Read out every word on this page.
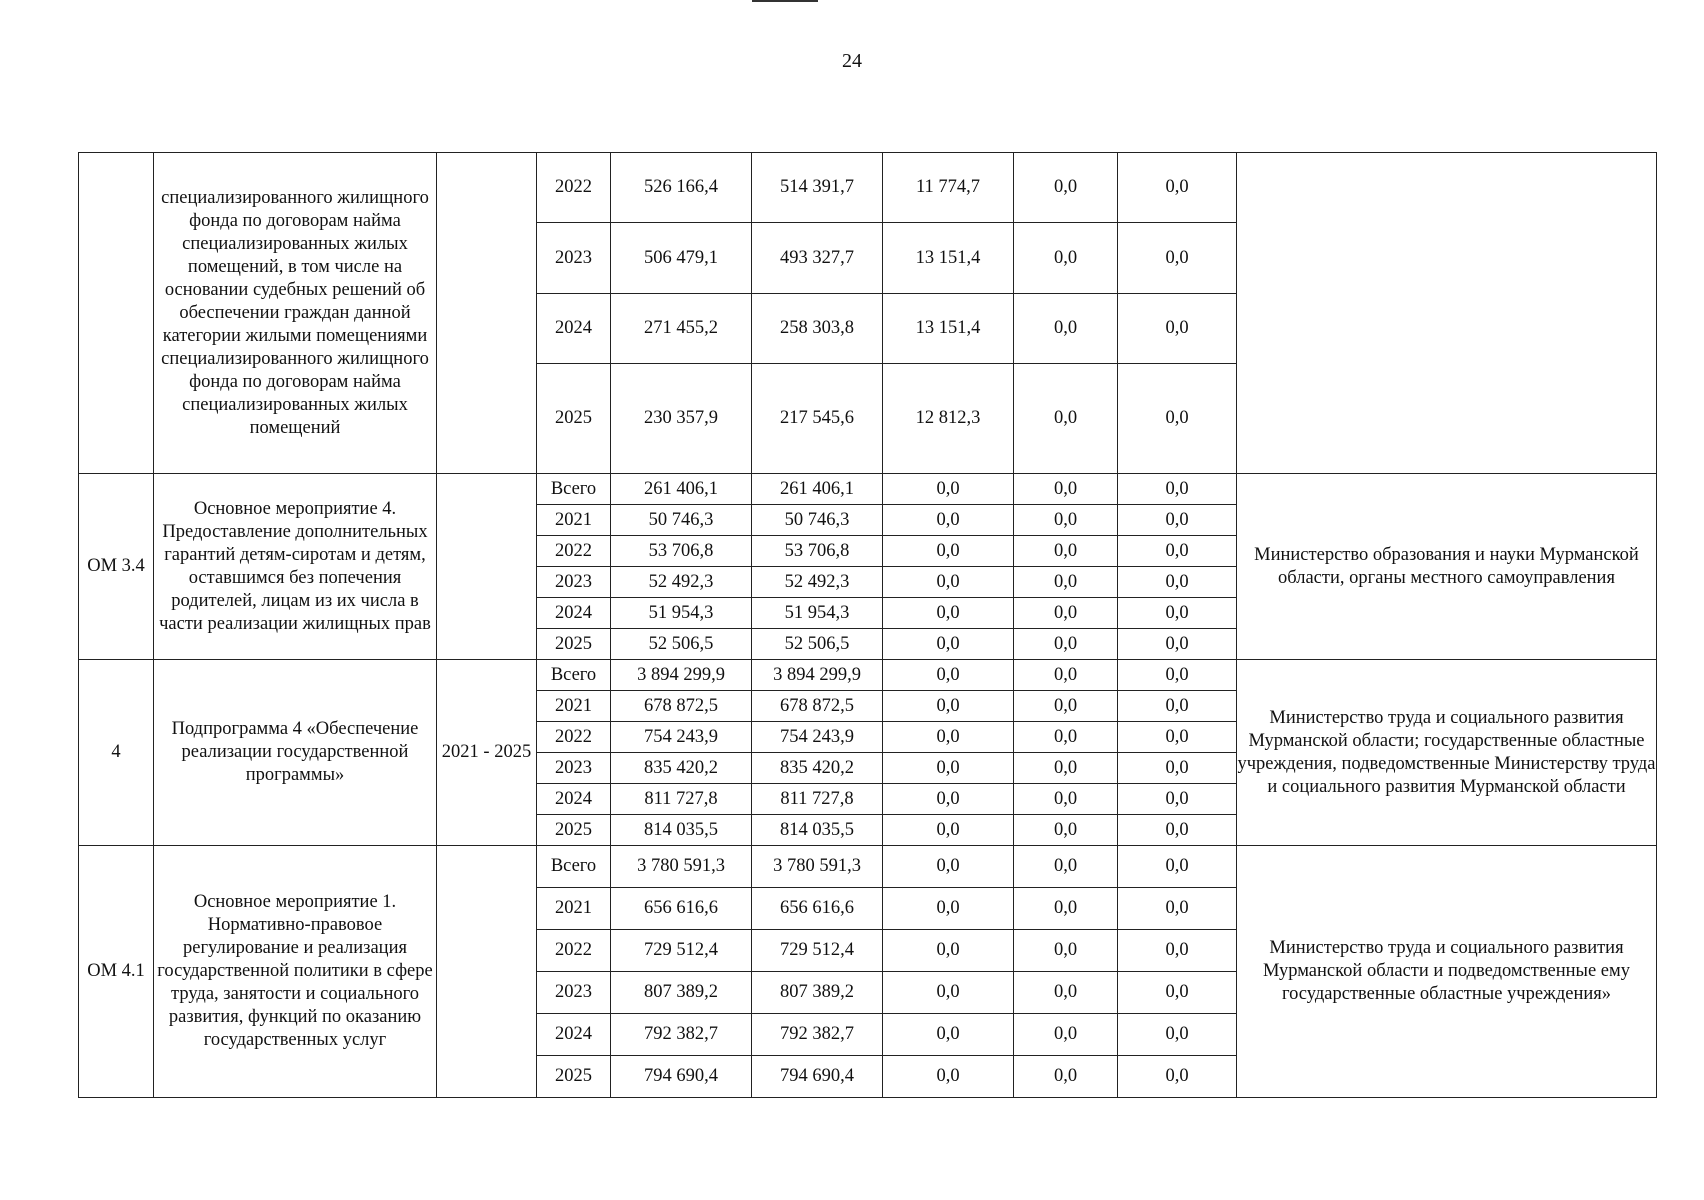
24
	специализированного жилищного фонда по договорам найма специализированных жилых помещений, в том числе на основании судебных решений об обеспечении граждан данной категории жилыми помещениями специализированного жилищного фонда по договорам найма специализированных жилых помещений		2022	526 166,4	514 391,7	11 774,7	0,0	0,0	
			2023	506 479,1	493 327,7	13 151,4	0,0	0,0	
			2024	271 455,2	258 303,8	13 151,4	0,0	0,0	
			2025	230 357,9	217 545,6	12 812,3	0,0	0,0	
ОМ 3.4	Основное мероприятие 4. Предоставление дополнительных гарантий детям-сиротам и детям, оставшимся без попечения родителей, лицам из их числа в части реализации жилищных прав		Всего	261 406,1	261 406,1	0,0	0,0	0,0	Министерство образования и науки Мурманской области, органы местного самоуправления
			2021	50 746,3	50 746,3	0,0	0,0	0,0	
			2022	53 706,8	53 706,8	0,0	0,0	0,0	
			2023	52 492,3	52 492,3	0,0	0,0	0,0	
			2024	51 954,3	51 954,3	0,0	0,0	0,0	
			2025	52 506,5	52 506,5	0,0	0,0	0,0	
4	Подпрограмма 4 «Обеспечение реализации государственной программы»	2021 - 2025	Всего	3 894 299,9	3 894 299,9	0,0	0,0	0,0	Министерство труда и социального развития Мурманской области; государственные областные учреждения, подведомственные Министерству труда и социального развития Мурманской области
			2021	678 872,5	678 872,5	0,0	0,0	0,0	
			2022	754 243,9	754 243,9	0,0	0,0	0,0	
			2023	835 420,2	835 420,2	0,0	0,0	0,0	
			2024	811 727,8	811 727,8	0,0	0,0	0,0	
			2025	814 035,5	814 035,5	0,0	0,0	0,0	
ОМ 4.1	Основное мероприятие 1. Нормативно-правовое регулирование и реализация государственной политики в сфере труда, занятости и социального развития, функций по оказанию государственных услуг		Всего	3 780 591,3	3 780 591,3	0,0	0,0	0,0	Министерство труда и социального развития Мурманской области и подведомственные ему государственные областные учреждения»
			2021	656 616,6	656 616,6	0,0	0,0	0,0	
			2022	729 512,4	729 512,4	0,0	0,0	0,0	
			2023	807 389,2	807 389,2	0,0	0,0	0,0	
			2024	792 382,7	792 382,7	0,0	0,0	0,0	
			2025	794 690,4	794 690,4	0,0	0,0	0,0	
